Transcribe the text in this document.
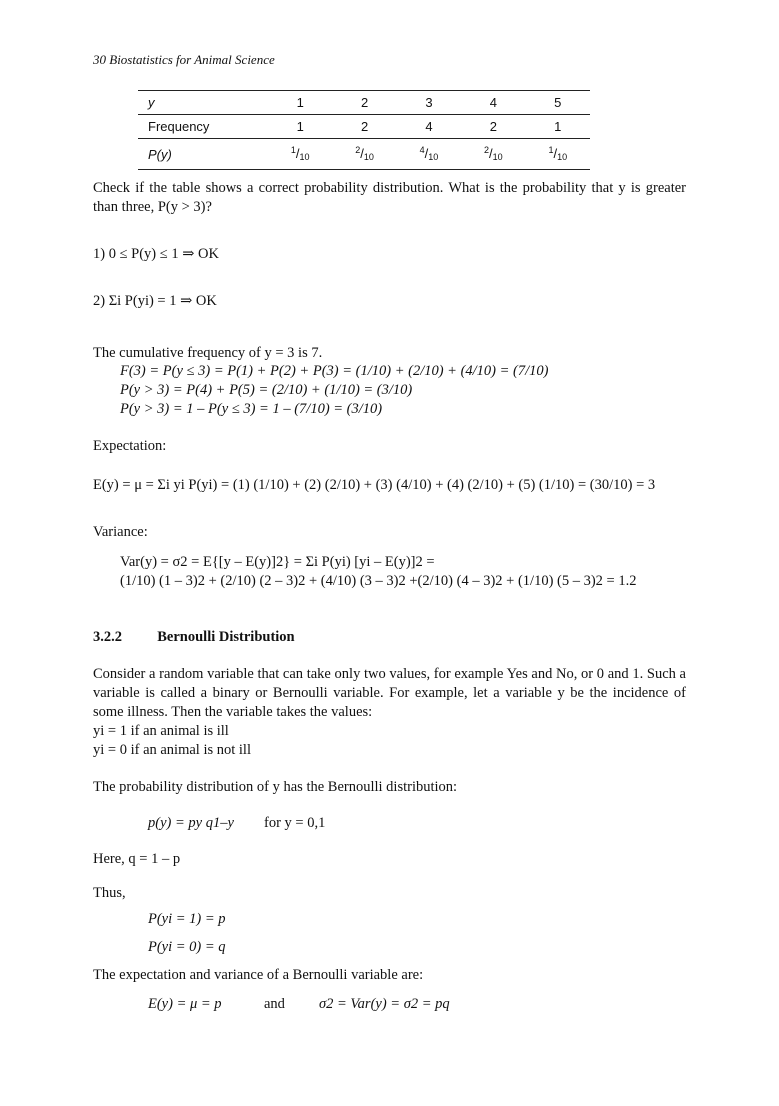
30 Biostatistics for Animal Science
y	1	2	3	4	5
Frequency	1	2	4	2	1
P(y)	$^1/_{10}$	$^2/_{10}$	$^4/_{10}$	$^2/_{10}$	$^1/_{10}$
Check if the table shows a correct probability distribution. What is the probability that y is greater than three, P(y > 3)?
1) 0 ≤ P(y) ≤ 1 ⇒ OK
2) Σi P(yi) = 1 ⇒ OK
The cumulative frequency of y = 3 is 7.
F(3) = P(y ≤ 3) = P(1) + P(2) + P(3) = (1/10) + (2/10) + (4/10) = (7/10)
P(y > 3) = P(4) + P(5) = (2/10) + (1/10) = (3/10)
P(y > 3) = 1 – P(y ≤ 3) = 1 – (7/10) = (3/10)
Expectation:
E(y) = μ = Σi yi P(yi) = (1) (1/10) + (2) (2/10) + (3) (4/10) + (4) (2/10) + (5) (1/10) = (30/10) = 3
Variance:
Var(y) = σ2 = E{[y – E(y)]2} = Σi P(yi) [yi – E(y)]2 =
(1/10) (1 – 3)2 + (2/10) (2 – 3)2 + (4/10) (3 – 3)2 +(2/10) (4 – 3)2 + (1/10) (5 – 3)2 = 1.2
3.2.2 Bernoulli Distribution
Consider a random variable that can take only two values, for example Yes and No, or 0 and 1. Such a variable is called a binary or Bernoulli variable. For example, let a variable y be the incidence of some illness. Then the variable takes the values:
yi = 1 if an animal is ill
yi = 0 if an animal is not ill
The probability distribution of y has the Bernoulli distribution:
p(y) = py q1–y for y = 0,1
Here, q = 1 – p
Thus,
P(yi = 1) = p
P(yi = 0) = q
The expectation and variance of a Bernoulli variable are:
E(y) = μ = p	and σ2 = Var(y) = σ2 = pq
